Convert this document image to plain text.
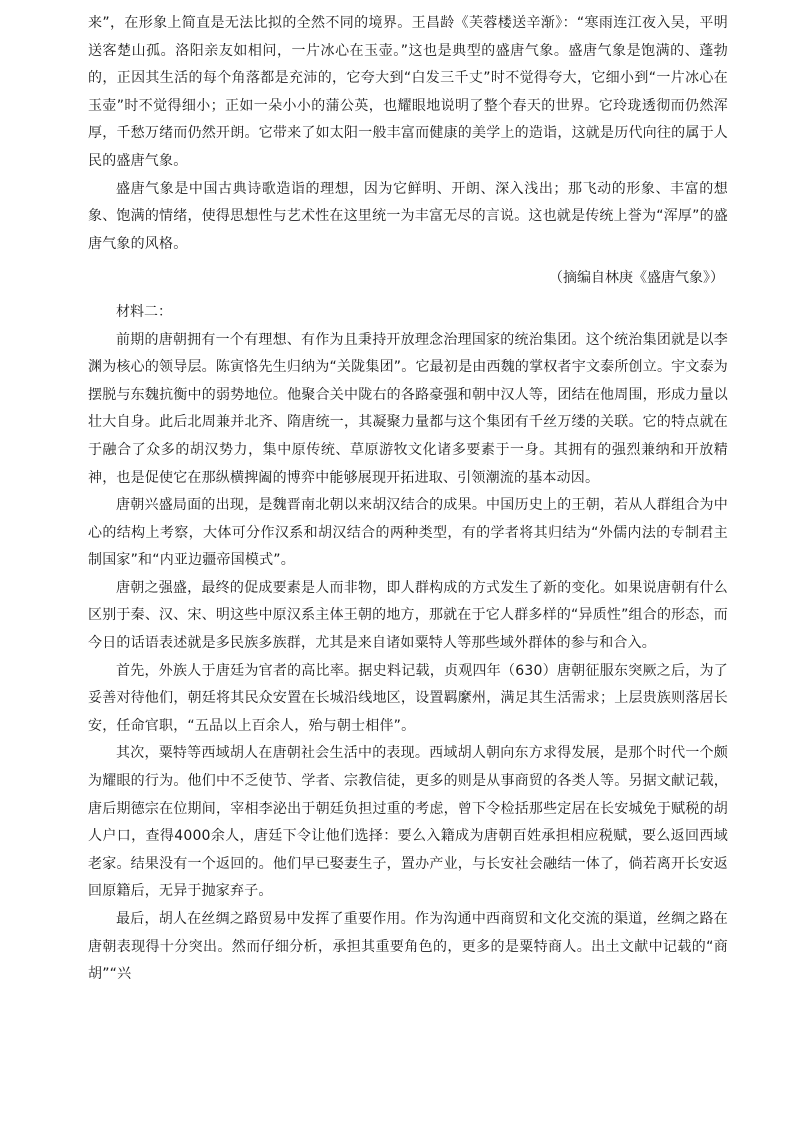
来”，在形象上简直是无法比拟的全然不同的境界。王昌龄《芙蓉楼送辛渐》：“寒雨连江夜入吴，平明送客楚山孤。洛阳亲友如相问，一片冰心在玉壶。”这也是典型的盛唐气象。盛唐气象是饱满的、蓬勃的，正因其生活的每个角落都是充沛的，它夸大到“白发三千丈”时不觉得夸大，它细小到“一片冰心在玉壶”时不觉得细小；正如一朵小小的蒲公英，也耀眼地说明了整个春天的世界。它玲珑透彻而仍然浑厚，千愁万绪而仍然开朗。它带来了如太阳一般丰富而健康的美学上的造诣，这就是历代向往的属于人民的盛唐气象。

盛唐气象是中国古典诗歌造诣的理想，因为它鲜明、开朗、深入浅出；那飞动的形象、丰富的想象、饱满的情绪，使得思想性与艺术性在这里统一为丰富无尽的言说。这也就是传统上誉为“浑厚”的盛唐气象的风格。

（摘编自林庚《盛唐气象》）

材料二：

前期的唐朝拥有一个有理想、有作为且秉持开放理念治理国家的统治集团。这个统治集团就是以李渊为核心的领导层。陈寅恪先生归纳为“关陇集团”。它最初是由西魏的掌权者宇文泰所创立。宇文泰为摆脱与东魏抗衡中的弱势地位。他聚合关中陇右的各路豪强和朝中汉人等，团结在他周围，形成力量以壮大自身。此后北周兼并北齐、隋唐统一，其凝聚力量都与这个集团有千丝万缕的关联。它的特点就在于融合了众多的胡汉势力，集中原传统、草原游牧文化诸多要素于一身。其拥有的强烈兼纳和开放精神，也是促使它在那纵横捭阖的博弈中能够展现开拓进取、引领潮流的基本动因。

唐朝兴盛局面的出现，是魏晋南北朝以来胡汉结合的成果。中国历史上的王朝，若从人群组合为中心的结构上考察，大体可分作汉系和胡汉结合的两种类型，有的学者将其归结为“外儒内法的专制君主制国家”和“内亚边疆帝国模式”。

唐朝之强盛，最终的促成要素是人而非物，即人群构成的方式发生了新的变化。如果说唐朝有什么区别于秦、汉、宋、明这些中原汉系主体王朝的地方，那就在于它人群多样的“异质性”组合的形态，而今日的话语表述就是多民族多族群，尤其是来自诸如粟特人等那些域外群体的参与和合入。

首先，外族人于唐廷为官者的高比率。据史料记载，贞观四年（630）唐朝征服东突厥之后，为了妥善对待他们，朝廷将其民众安置在长城沿线地区，设置羁縻州，满足其生活需求；上层贵族则落居长安，任命官职，“五品以上百余人，殆与朝士相伴”。

其次，粟特等西域胡人在唐朝社会生活中的表现。西域胡人朝向东方求得发展，是那个时代一个颇为耀眼的行为。他们中不乏使节、学者、宗教信徒，更多的则是从事商贸的各类人等。另据文献记载，唐后期德宗在位期间，宰相李泌出于朝廷负担过重的考虑，曾下令检括那些定居在长安城免于赋税的胡人户口，查得4000余人，唐廷下令让他们选择：要么入籍成为唐朝百姓承担相应税赋，要么返回西域老家。结果没有一个返回的。他们早已娶妻生子，置办产业，与长安社会融结一体了，倘若离开长安返回原籍后，无异于抛家弃子。

最后，胡人在丝绸之路贸易中发挥了重要作用。作为沟通中西商贸和文化交流的渠道，丝绸之路在唐朝表现得十分突出。然而仔细分析，承担其重要角色的，更多的是粟特商人。出土文献中记载的“商胡”“兴
